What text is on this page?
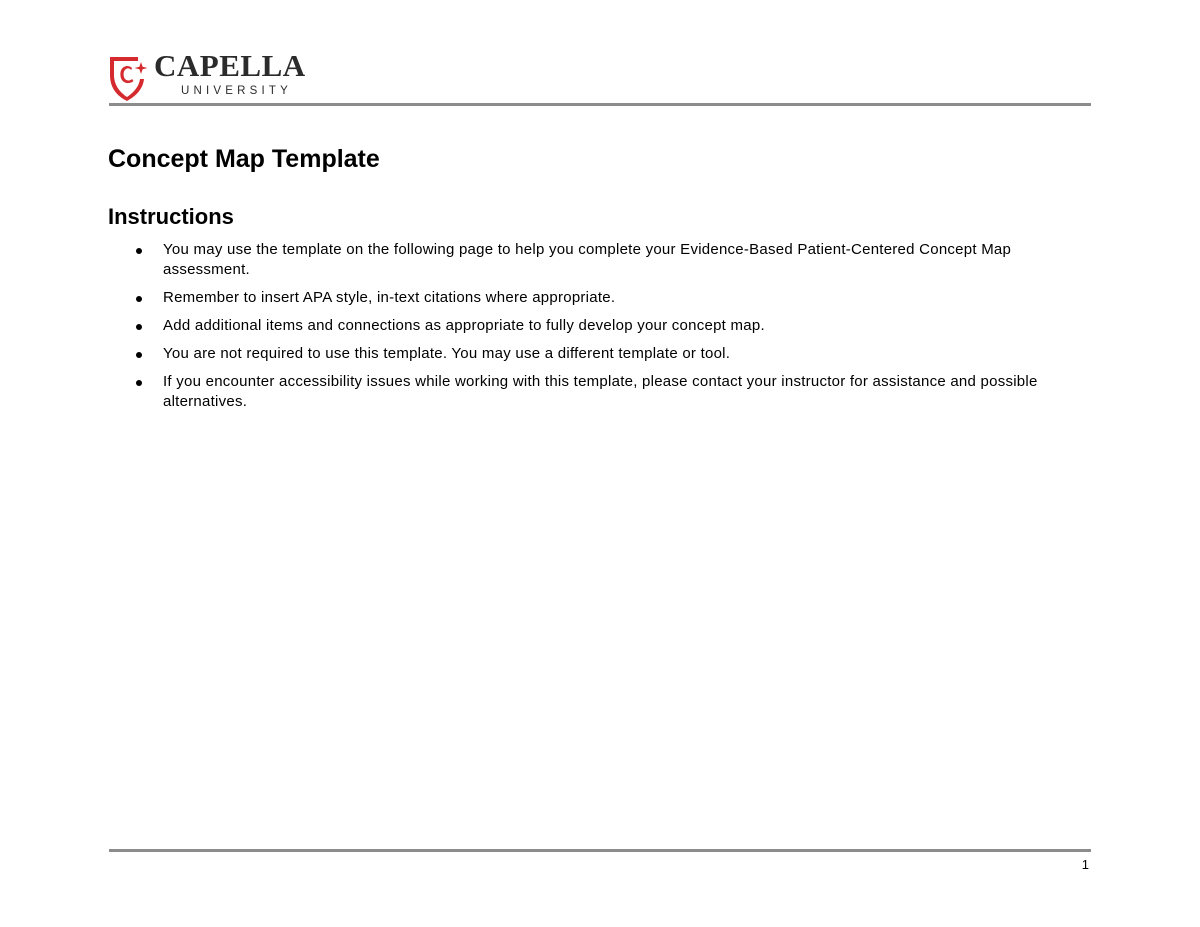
CAPELLA
UNIVERSITY
Concept Map Template
Instructions
You may use the template on the following page to help you complete your Evidence-Based Patient-Centered Concept Map assessment.
Remember to insert APA style, in-text citations where appropriate.
Add additional items and connections as appropriate to fully develop your concept map.
You are not required to use this template. You may use a different template or tool.
If you encounter accessibility issues while working with this template, please contact your instructor for assistance and possible alternatives.
1
